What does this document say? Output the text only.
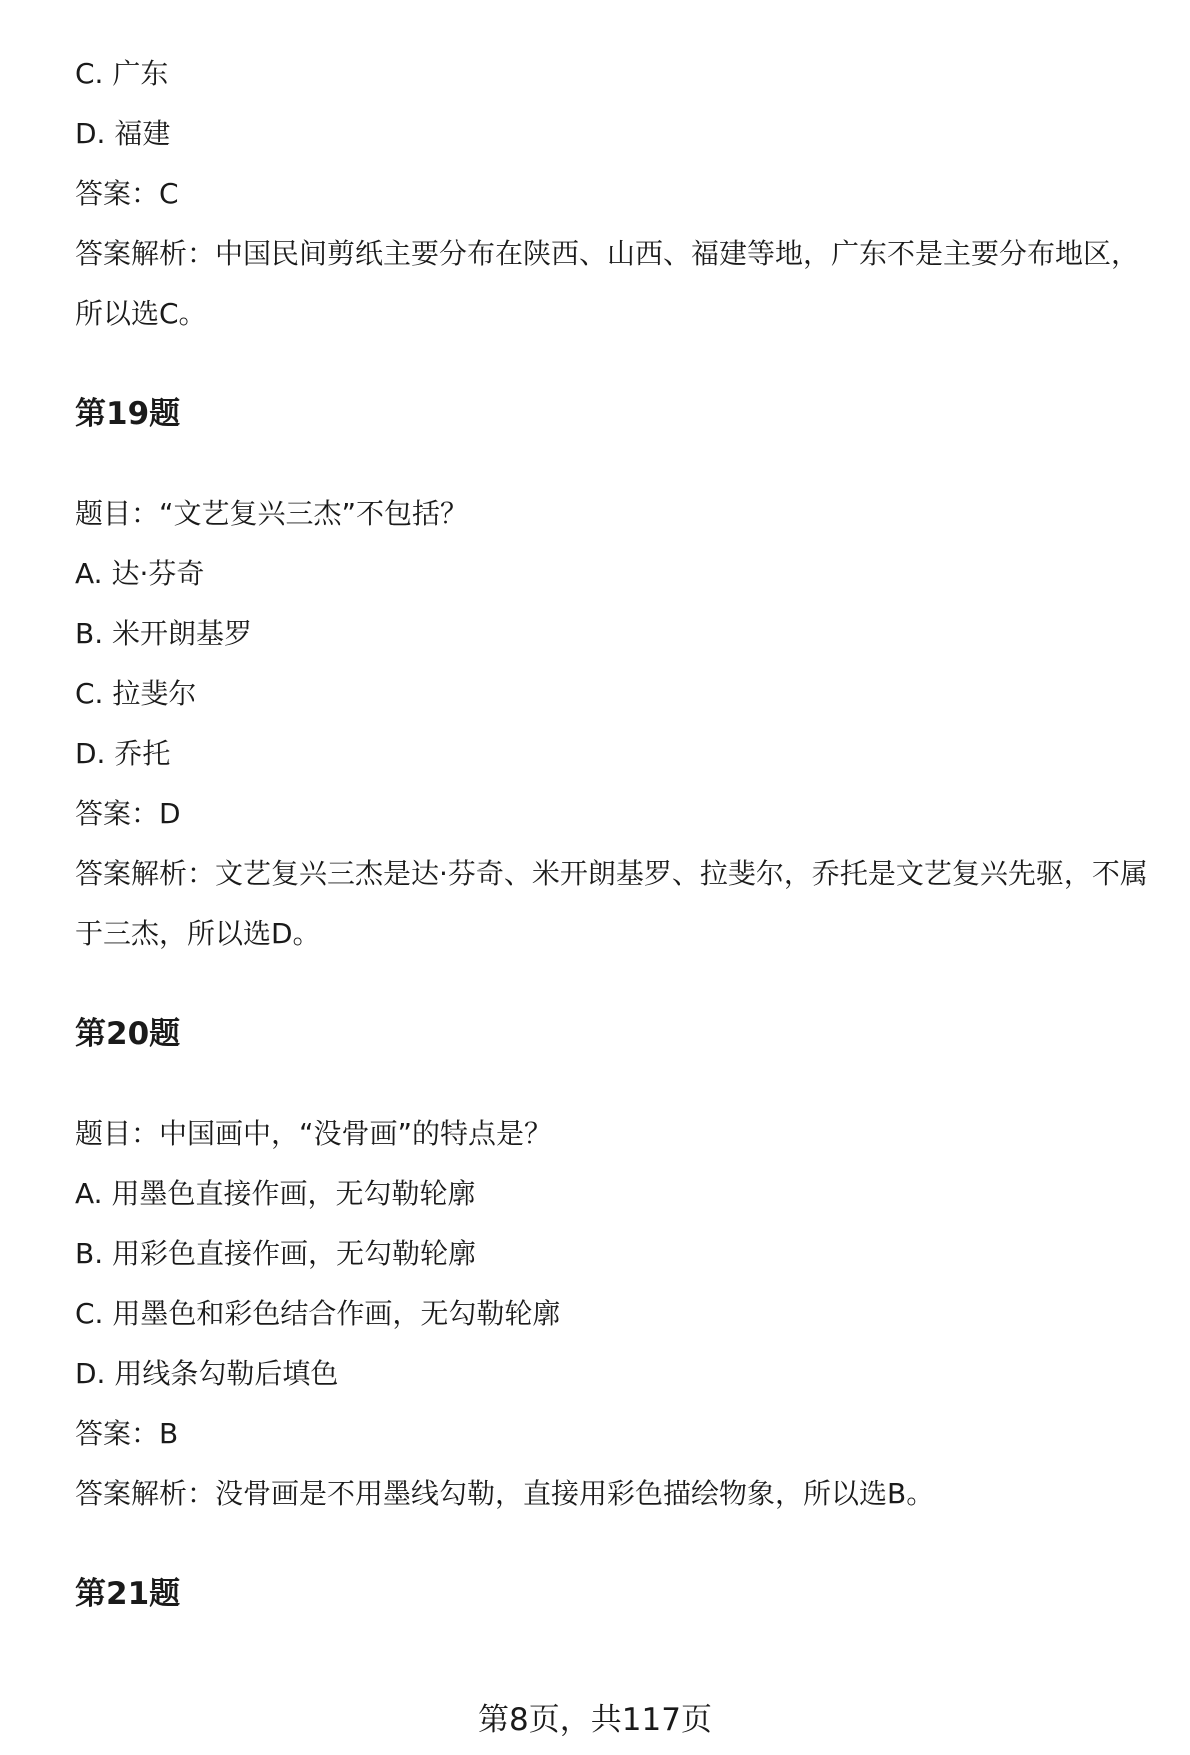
C. 广东

D. 福建

答案：C

答案解析：中国民间剪纸主要分布在陕西、山西、福建等地，广东不是主要分布地区，所以选C。

第19题

题目：“文艺复兴三杰”不包括？

A. 达·芬奇

B. 米开朗基罗

C. 拉斐尔

D. 乔托

答案：D

答案解析：文艺复兴三杰是达·芬奇、米开朗基罗、拉斐尔，乔托是文艺复兴先驱，不属于三杰，所以选D。

第20题

题目：中国画中，“没骨画”的特点是？

A. 用墨色直接作画，无勾勒轮廓

B. 用彩色直接作画，无勾勒轮廓

C. 用墨色和彩色结合作画，无勾勒轮廓

D. 用线条勾勒后填色

答案：B

答案解析：没骨画是不用墨线勾勒，直接用彩色描绘物象，所以选B。

第21题

第8页，共117页
